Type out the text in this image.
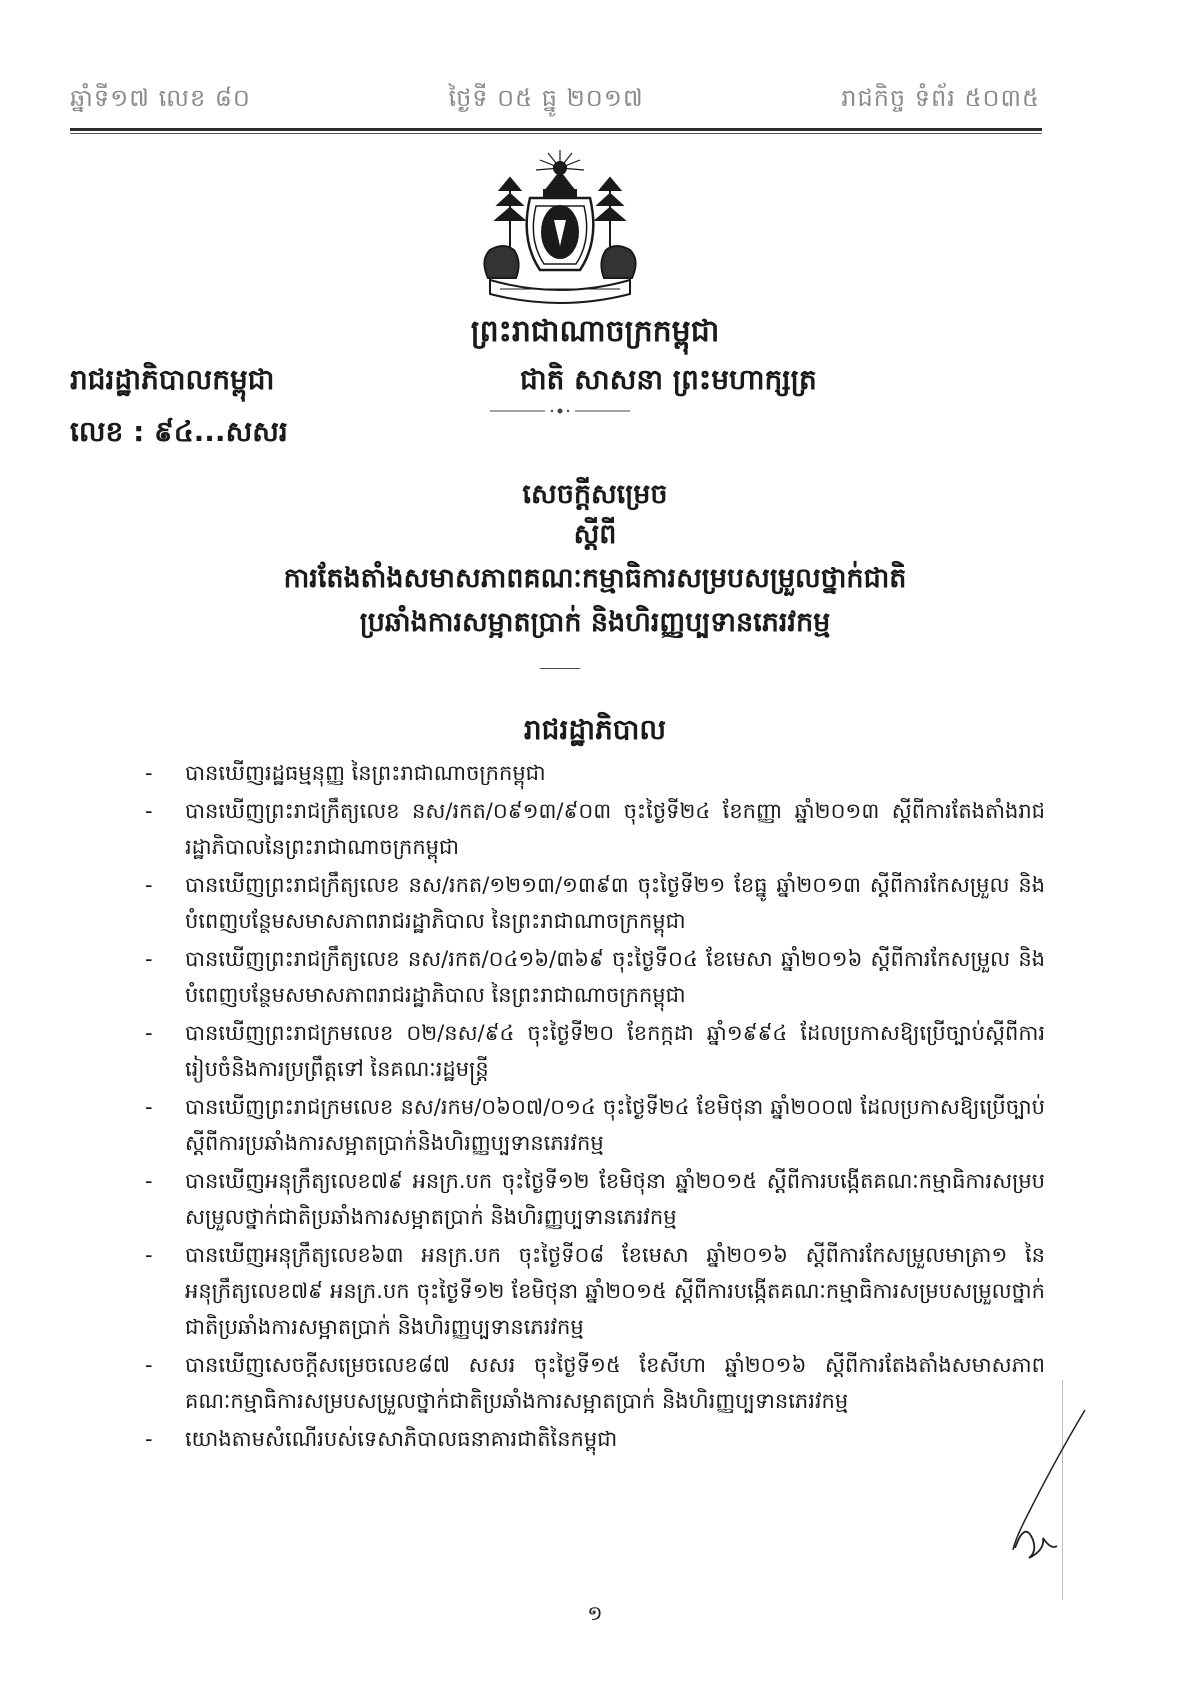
ឆ្នាំទី១៧ លេខ ៨០	ថ្ងៃទី ០៥ ធ្នូ ២០១៧	រាជកិច្ច ទំព័រ ៥០៣៥
ព្រះរាជាណាចក្រកម្ពុជា
រាជរដ្ឋាភិបាលកម្ពុជា	ជាតិ សាសនា ព្រះមហាក្សត្រ
លេខ : ៩៤...សសរ
សេចក្តីសម្រេច
ស្តីពី
ការតែងតាំងសមាសភាពគណៈកម្មាធិការសម្របសម្រួលថ្នាក់ជាតិ
ប្រឆាំងការសម្អាតប្រាក់ និងហិរញ្ញប្បទានភេរវកម្ម
រាជរដ្ឋាភិបាល
- បានឃើញរដ្ឋធម្មនុញ្ញ នៃព្រះរាជាណាចក្រកម្ពុជា
- បានឃើញព្រះរាជក្រឹត្យលេខ នស/រកត/០៩១៣/៩០៣ ចុះថ្ងៃទី២៤ ខែកញ្ញា ឆ្នាំ២០១៣ ស្តីពីការតែងតាំងរាជរដ្ឋាភិបាលនៃព្រះរាជាណាចក្រកម្ពុជា
- បានឃើញព្រះរាជក្រឹត្យលេខ នស/រកត/១២១៣/១៣៩៣ ចុះថ្ងៃទី២១ ខែធ្នូ ឆ្នាំ២០១៣ ស្តីពីការកែសម្រួល និងបំពេញបន្ថែមសមាសភាពរាជរដ្ឋាភិបាល នៃព្រះរាជាណាចក្រកម្ពុជា
- បានឃើញព្រះរាជក្រឹត្យលេខ នស/រកត/០៤១៦/៣៦៩ ចុះថ្ងៃទី០៤ ខែមេសា ឆ្នាំ២០១៦ ស្តីពីការកែសម្រួល និងបំពេញបន្ថែមសមាសភាពរាជរដ្ឋាភិបាល នៃព្រះរាជាណាចក្រកម្ពុជា
- បានឃើញព្រះរាជក្រមលេខ ០២/នស/៩៤ ចុះថ្ងៃទី២០ ខែកក្កដា ឆ្នាំ១៩៩៤ ដែលប្រកាសឱ្យប្រើច្បាប់ស្តីពីការរៀបចំនិងការប្រព្រឹត្តទៅ នៃគណៈរដ្ឋមន្ត្រី
- បានឃើញព្រះរាជក្រមលេខ នស/រកម/០៦០៧/០១៤ ចុះថ្ងៃទី២៤ ខែមិថុនា ឆ្នាំ២០០៧ ដែលប្រកាសឱ្យប្រើច្បាប់ស្តីពីការប្រឆាំងការសម្អាតប្រាក់និងហិរញ្ញប្បទានភេរវកម្ម
- បានឃើញអនុក្រឹត្យលេខ៧៩ អនក្រ.បក ចុះថ្ងៃទី១២ ខែមិថុនា ឆ្នាំ២០១៥ ស្តីពីការបង្កើតគណៈកម្មាធិការសម្របសម្រួលថ្នាក់ជាតិប្រឆាំងការសម្អាតប្រាក់ និងហិរញ្ញប្បទានភេរវកម្ម
- បានឃើញអនុក្រឹត្យលេខ៦៣ អនក្រ.បក ចុះថ្ងៃទី០៨ ខែមេសា ឆ្នាំ២០១៦ ស្តីពីការកែសម្រួលមាត្រា១ នៃអនុក្រឹត្យលេខ៧៩ អនក្រ.បក ចុះថ្ងៃទី១២ ខែមិថុនា ឆ្នាំ២០១៥ ស្តីពីការបង្កើតគណៈកម្មាធិការសម្របសម្រួលថ្នាក់ជាតិប្រឆាំងការសម្អាតប្រាក់ និងហិរញ្ញប្បទានភេរវកម្ម
- បានឃើញសេចក្តីសម្រេចលេខ៨៧ សសរ ចុះថ្ងៃទី១៥ ខែសីហា ឆ្នាំ២០១៦ ស្តីពីការតែងតាំងសមាសភាពគណៈកម្មាធិការសម្របសម្រួលថ្នាក់ជាតិប្រឆាំងការសម្អាតប្រាក់ និងហិរញ្ញប្បទានភេរវកម្ម
- យោងតាមសំណើរបស់ទេសាភិបាលធនាគារជាតិនៃកម្ពុជា
១
